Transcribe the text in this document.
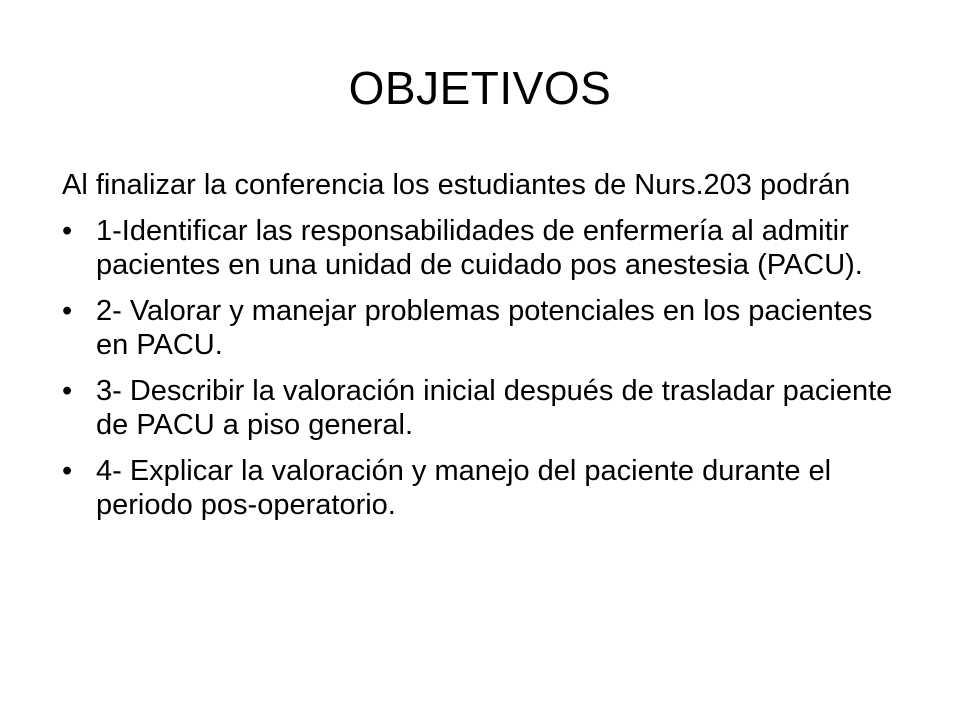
OBJETIVOS

Al finalizar la conferencia los estudiantes de Nurs.203 podrán

• 1-Identificar las responsabilidades de enfermería al admitir pacientes en una unidad de cuidado pos anestesia (PACU).
• 2- Valorar y manejar problemas potenciales en los pacientes en PACU.
• 3- Describir la valoración inicial después de trasladar paciente de PACU a piso general.
• 4- Explicar la valoración y manejo del paciente durante el periodo pos-operatorio.
